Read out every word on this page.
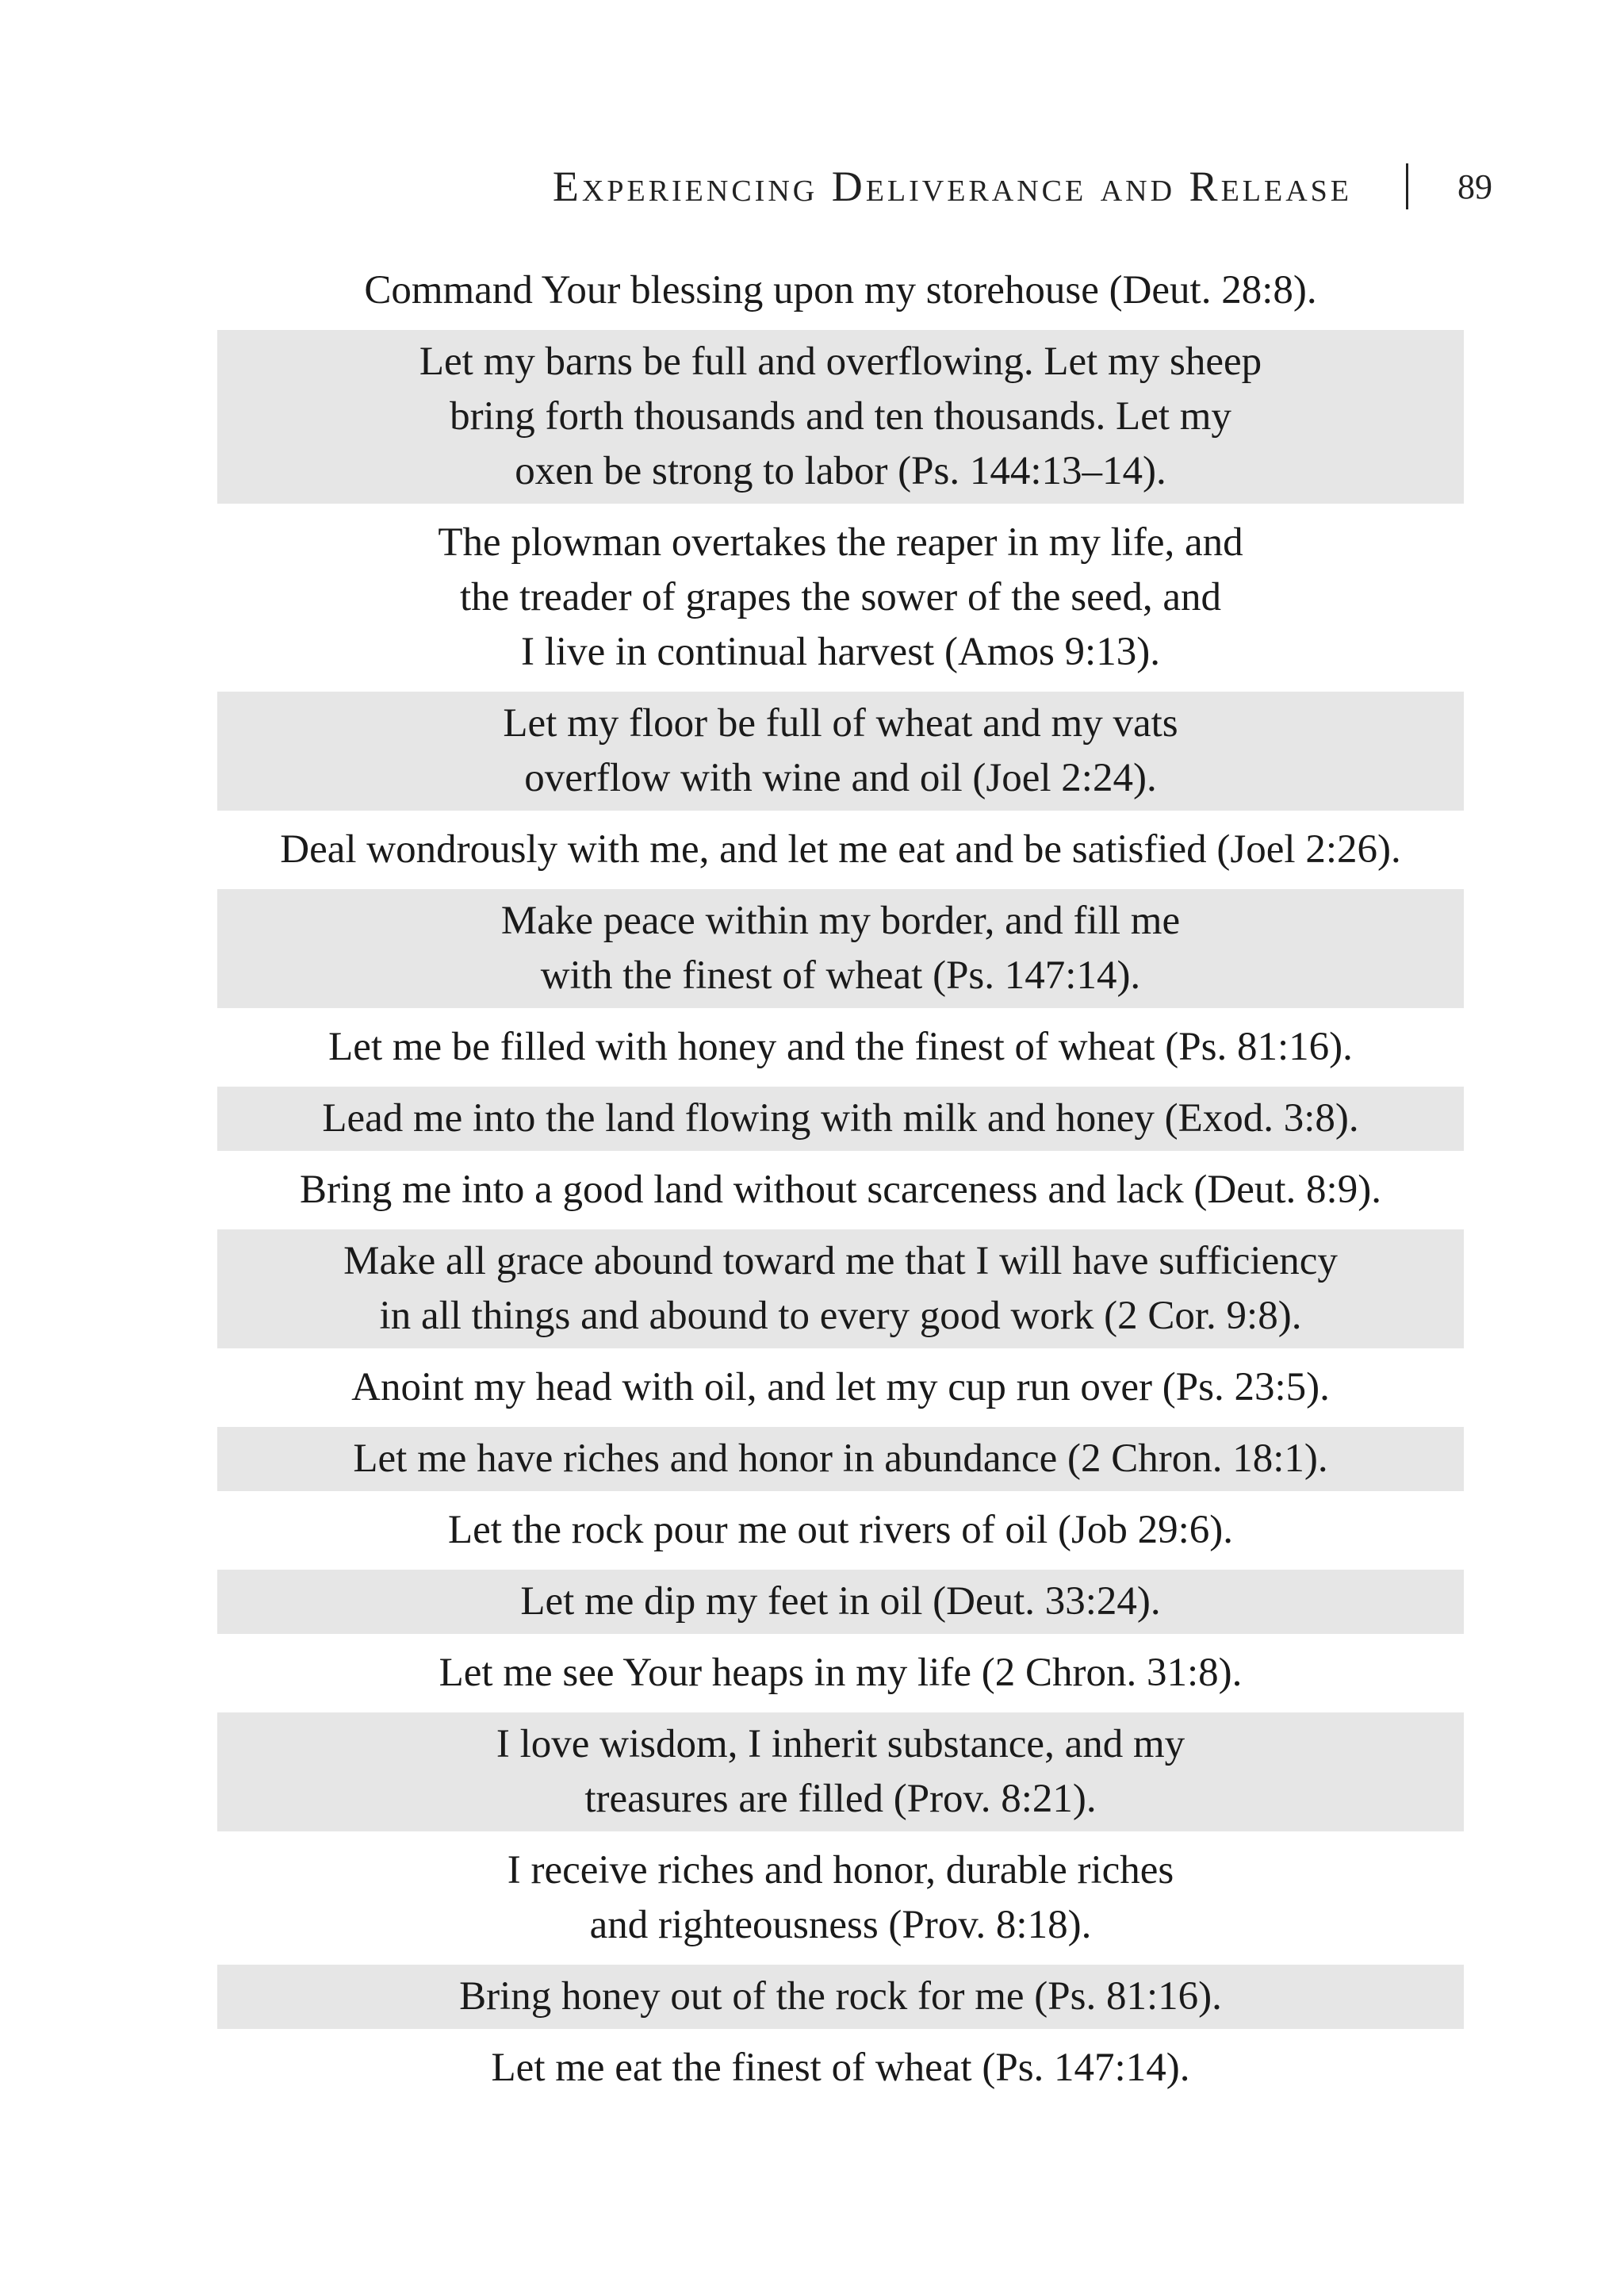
Experiencing Deliverance and Release	89
Command Your blessing upon my storehouse (Deut. 28:8).
Let my barns be full and overflowing. Let my sheep
bring forth thousands and ten thousands. Let my
oxen be strong to labor (Ps. 144:13–14).
The plowman overtakes the reaper in my life, and
the treader of grapes the sower of the seed, and
I live in continual harvest (Amos 9:13).
Let my floor be full of wheat and my vats
overflow with wine and oil (Joel 2:24).
Deal wondrously with me, and let me eat and be satisfied (Joel 2:26).
Make peace within my border, and fill me
with the finest of wheat (Ps. 147:14).
Let me be filled with honey and the finest of wheat (Ps. 81:16).
Lead me into the land flowing with milk and honey (Exod. 3:8).
Bring me into a good land without scarceness and lack (Deut. 8:9).
Make all grace abound toward me that I will have sufficiency
in all things and abound to every good work (2 Cor. 9:8).
Anoint my head with oil, and let my cup run over (Ps. 23:5).
Let me have riches and honor in abundance (2 Chron. 18:1).
Let the rock pour me out rivers of oil (Job 29:6).
Let me dip my feet in oil (Deut. 33:24).
Let me see Your heaps in my life (2 Chron. 31:8).
I love wisdom, I inherit substance, and my
treasures are filled (Prov. 8:21).
I receive riches and honor, durable riches
and righteousness (Prov. 8:18).
Bring honey out of the rock for me (Ps. 81:16).
Let me eat the finest of wheat (Ps. 147:14).
